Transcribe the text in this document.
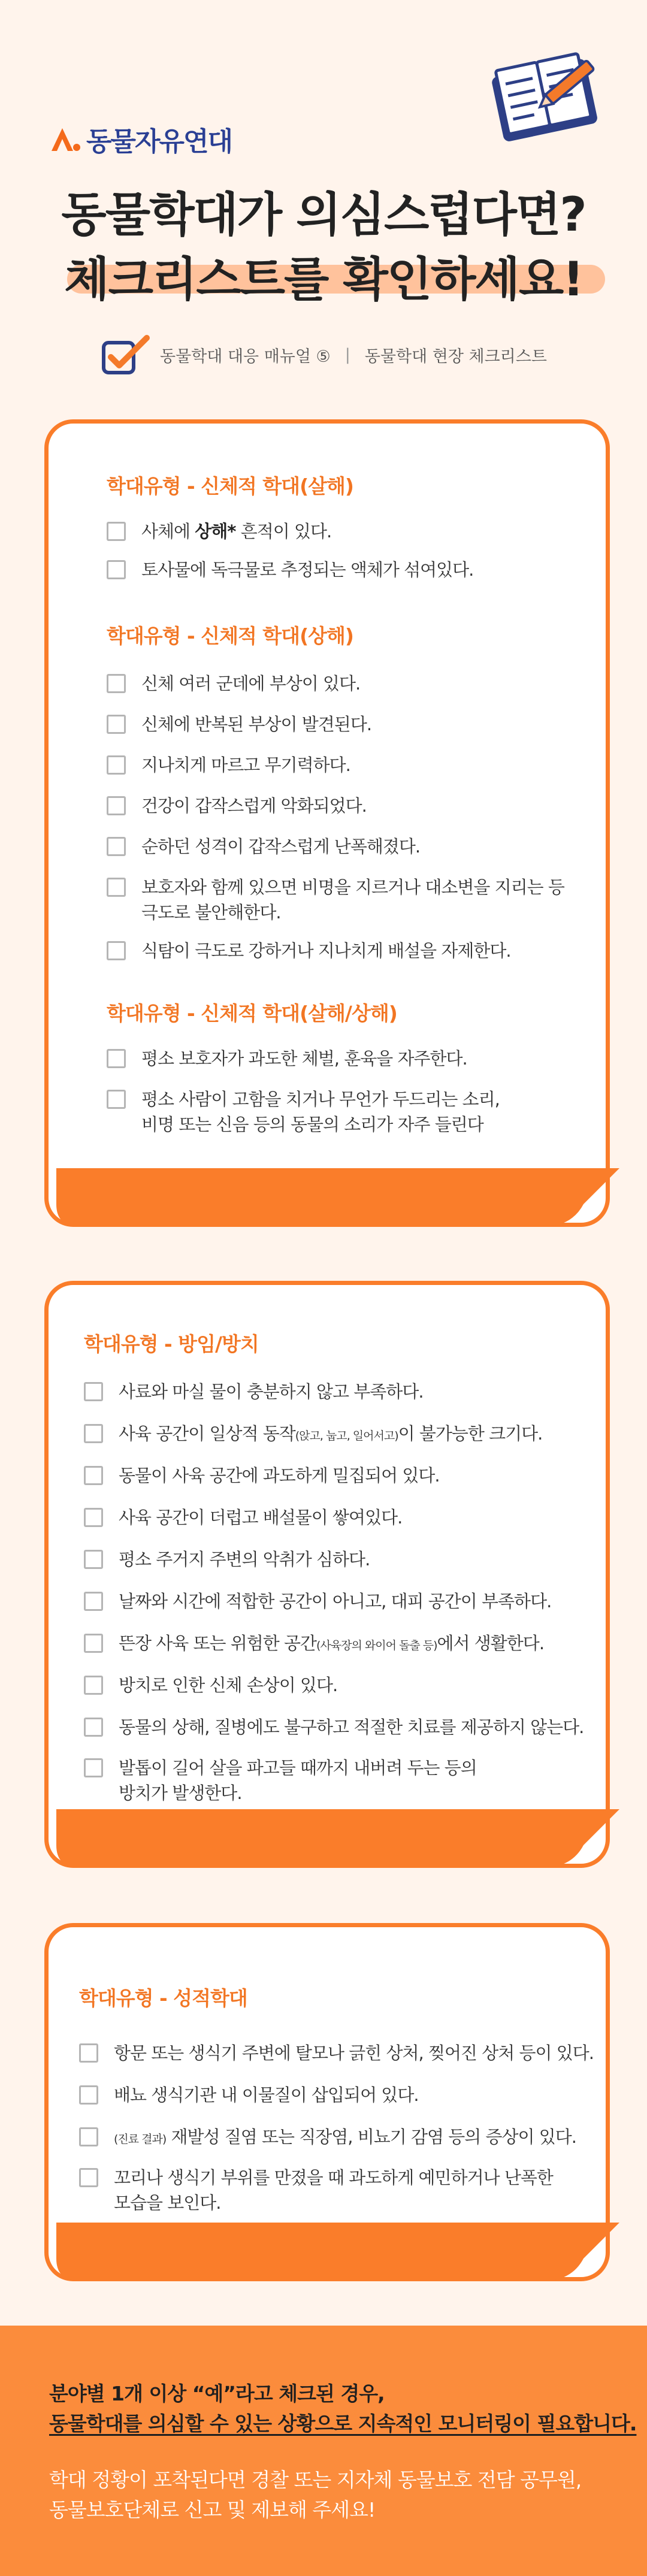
동물자유연대
동물학대가 의심스럽다면?
체크리스트를 확인하세요!
동물학대 대응 매뉴얼 ⑤ | 동물학대 현장 체크리스트
학대유형 - 신체적 학대(살해)
사체에 상해* 흔적이 있다.
토사물에 독극물로 추정되는 액체가 섞여있다.
학대유형 - 신체적 학대(상해)
신체 여러 군데에 부상이 있다.
신체에 반복된 부상이 발견된다.
지나치게 마르고 무기력하다.
건강이 갑작스럽게 악화되었다.
순하던 성격이 갑작스럽게 난폭해졌다.
보호자와 함께 있으면 비명을 지르거나 대소변을 지리는 등
극도로 불안해한다.
식탐이 극도로 강하거나 지나치게 배설을 자제한다.
학대유형 - 신체적 학대(살해/상해)
평소 보호자가 과도한 체벌, 훈육을 자주한다.
평소 사람이 고함을 치거나 무언가 두드리는 소리,
비명 또는 신음 등의 동물의 소리가 자주 들린다
학대유형 - 방임/방치
사료와 마실 물이 충분하지 않고 부족하다.
사육 공간이 일상적 동작(앉고, 눕고, 일어서고)이 불가능한 크기다.
동물이 사육 공간에 과도하게 밀집되어 있다.
사육 공간이 더럽고 배설물이 쌓여있다.
평소 주거지 주변의 악취가 심하다.
날짜와 시간에 적합한 공간이 아니고, 대피 공간이 부족하다.
뜬장 사육 또는 위험한 공간(사육장의 와이어 돌출 등)에서 생활한다.
방치로 인한 신체 손상이 있다.
동물의 상해, 질병에도 불구하고 적절한 치료를 제공하지 않는다.
발톱이 길어 살을 파고들 때까지 내버려 두는 등의
방치가 발생한다.
학대유형 - 성적학대
항문 또는 생식기 주변에 탈모나 긁힌 상처, 찢어진 상처 등이 있다.
배뇨 생식기관 내 이물질이 삽입되어 있다.
(진료 결과) 재발성 질염 또는 직장염, 비뇨기 감염 등의 증상이 있다.
꼬리나 생식기 부위를 만졌을 때 과도하게 예민하거나 난폭한
모습을 보인다.
분야별 1개 이상 “예”라고 체크된 경우,
동물학대를 의심할 수 있는 상황으로 지속적인 모니터링이 필요합니다.
학대 정황이 포착된다면 경찰 또는 지자체 동물보호 전담 공무원,
동물보호단체로 신고 및 제보해 주세요!
